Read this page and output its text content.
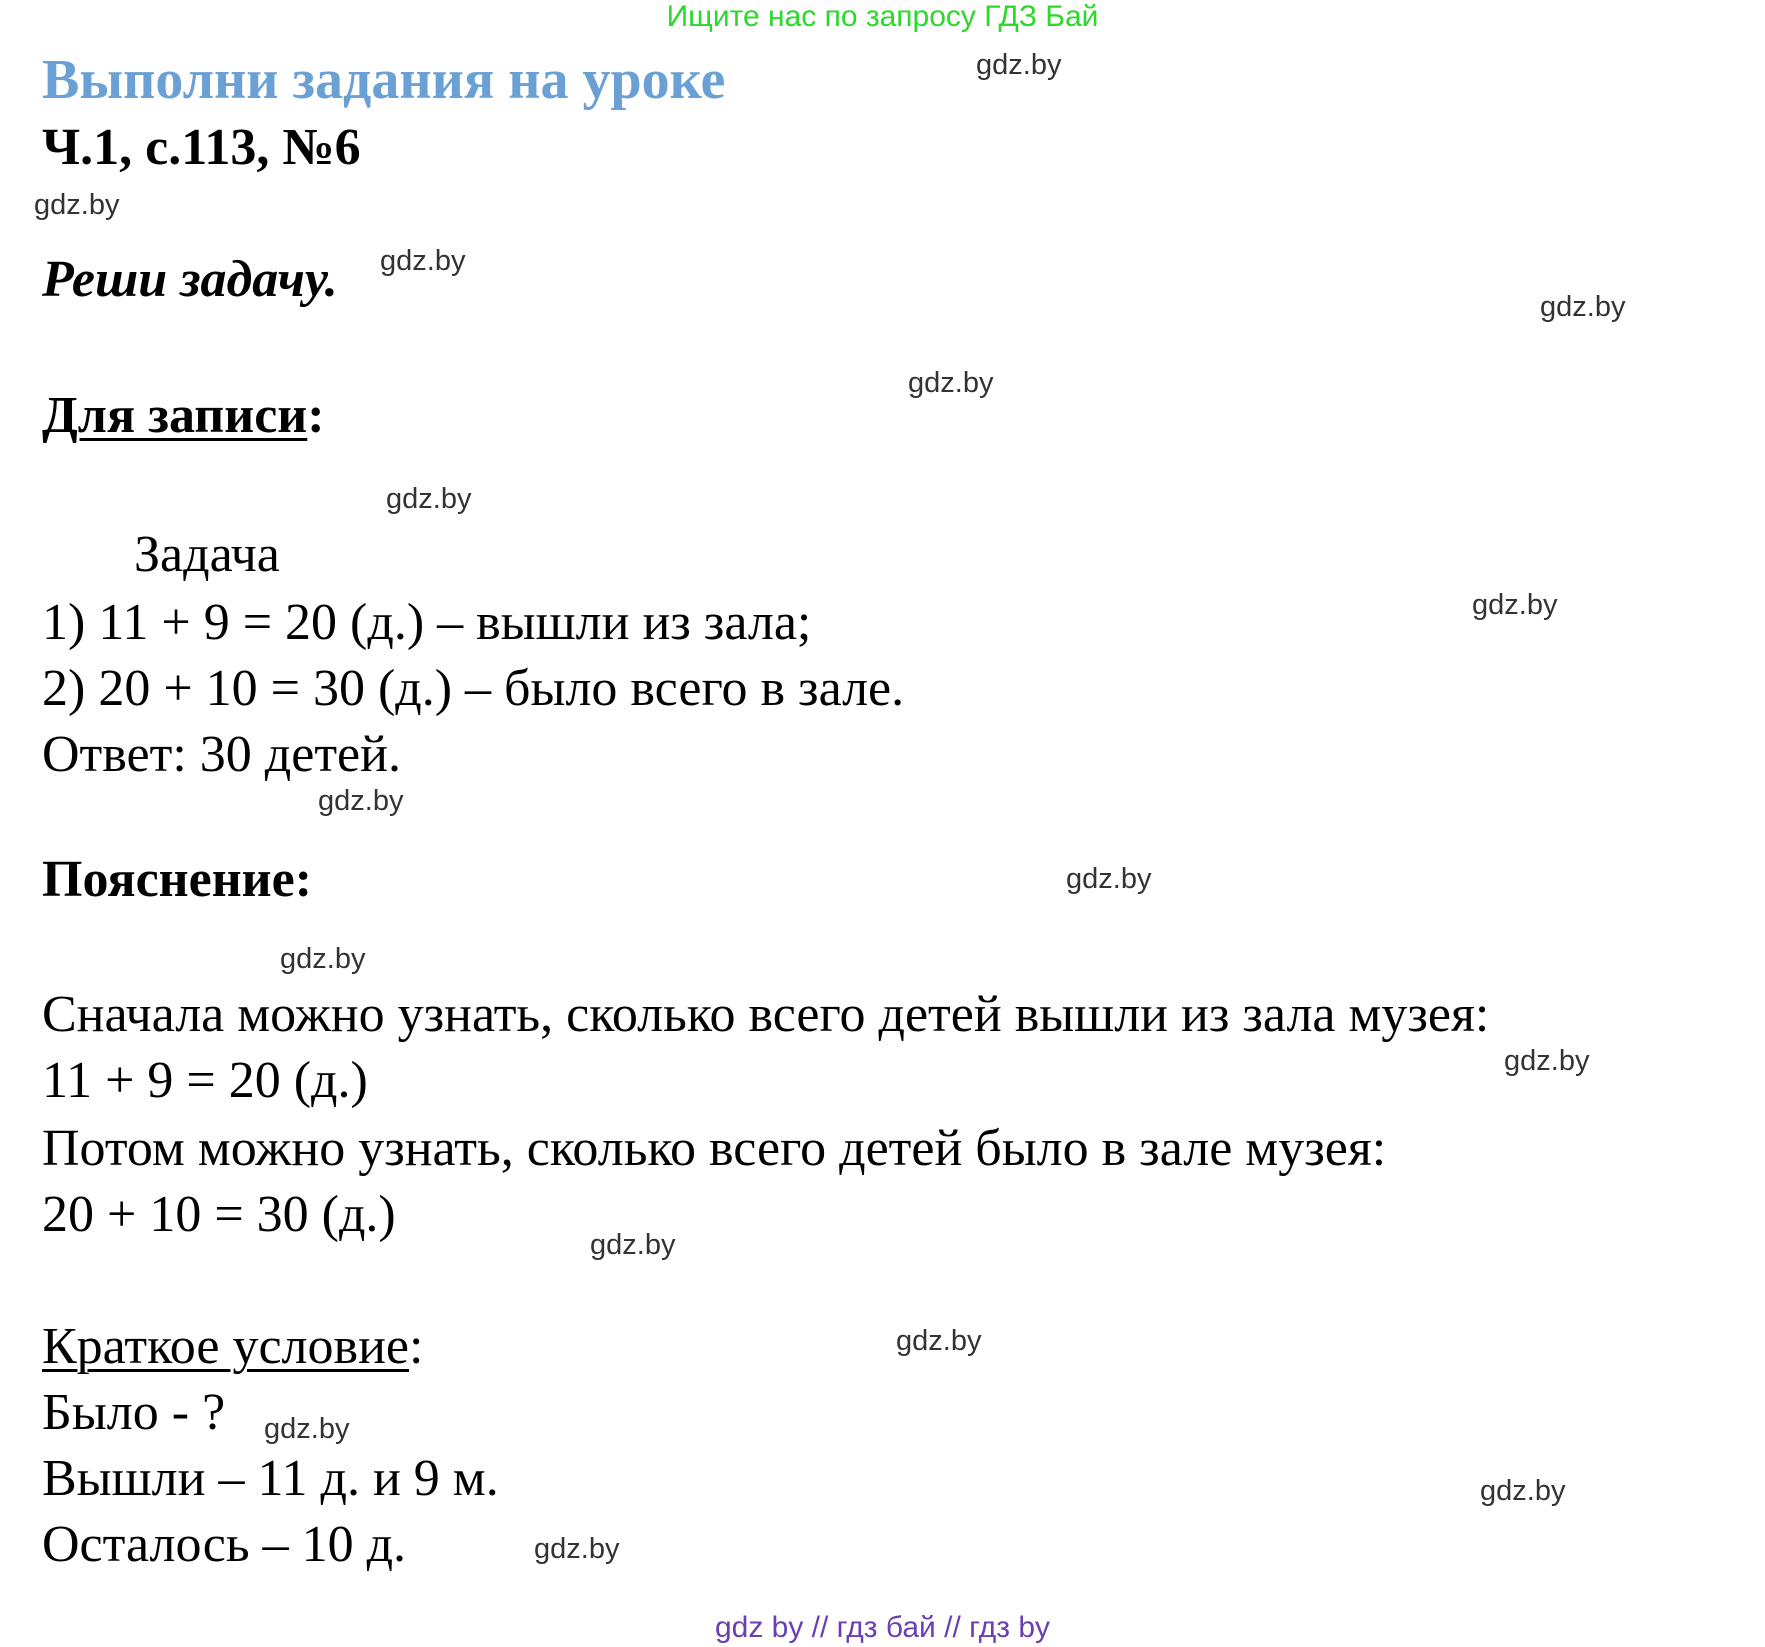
Ищите нас по запросу ГДЗ Бай
Выполни задания на уроке
Ч.1, с.113, №6
Реши задачу.
Для записи:
Задача
1) 11 + 9 = 20 (д.) – вышли из зала;
2) 20 + 10 = 30 (д.) – было всего в зале.
Ответ: 30 детей.
Пояснение:
Сначала можно узнать, сколько всего детей вышли из зала музея:
11 + 9 = 20 (д.)
Потом можно узнать, сколько всего детей было в зале музея:
20 + 10 = 30 (д.)
Краткое условие:
Было - ?
Вышли – 11 д. и 9 м.
Осталось – 10 д.
gdz.by
gdz.by
gdz.by
gdz.by
gdz.by
gdz.by
gdz.by
gdz.by
gdz.by
gdz.by
gdz.by
gdz.by
gdz.by
gdz.by
gdz.by
gdz.by
gdz by // гдз бай // гдз by
